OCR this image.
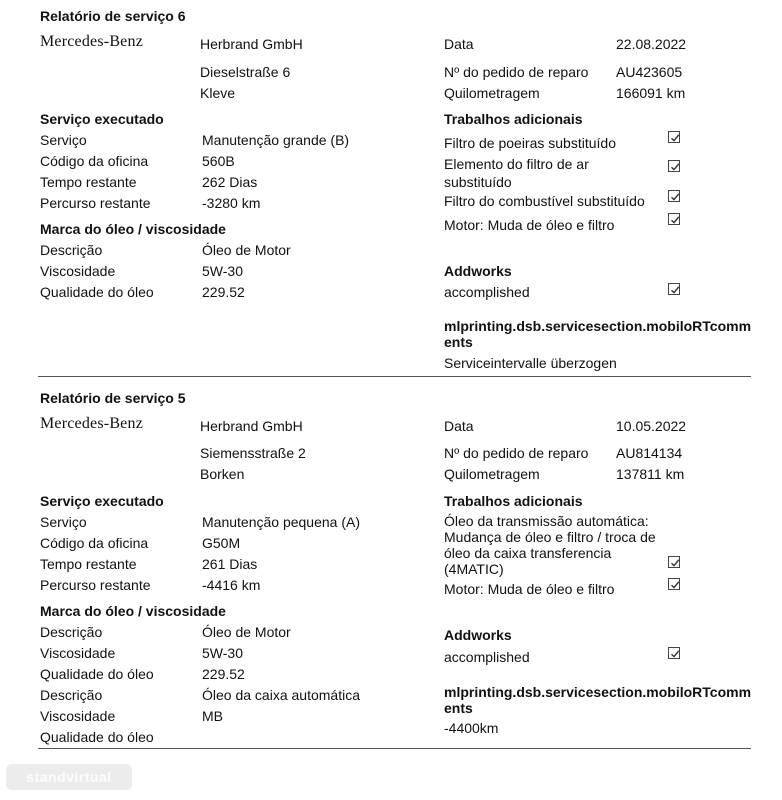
Relatório de serviço 6
Mercedes-Benz	Herbrand GmbH
Dieselstraße 6
Kleve
Data	22.08.2022
Nº do pedido de reparo AU423605
Quilometragem	166091 km
Serviço executado
Serviço	Manutenção grande (B)
Código da oficina	560B
Tempo restante	262 Dias
Percurso restante	-3280 km
Marca do óleo / viscosidade
Descrição	Óleo de Motor
Viscosidade	5W-30
Qualidade do óleo	229.52
Trabalhos adicionais
Filtro de poeiras substituído
Elemento do filtro de ar substituído
Filtro do combustível substituído
Motor: Muda de óleo e filtro
Addworks
accomplished
mlprinting.dsb.servicesection.mobiloRTcomments
Serviceintervalle überzogen
Relatório de serviço 5
Mercedes-Benz	Herbrand GmbH
Siemensstraße 2
Borken
Data	10.05.2022
Nº do pedido de reparo AU814134
Quilometragem	137811 km
Serviço executado
Serviço	Manutenção pequena (A)
Código da oficina	G50M
Tempo restante	261 Dias
Percurso restante	-4416 km
Marca do óleo / viscosidade
Descrição	Óleo de Motor
Viscosidade	5W-30
Qualidade do óleo	229.52
Descrição	Óleo da caixa automática
Viscosidade	MB
Qualidade do óleo
Trabalhos adicionais
Óleo da transmissão automática: Mudança de óleo e filtro / troca de óleo da caixa transferencia (4MATIC)
Motor: Muda de óleo e filtro
Addworks
accomplished
mlprinting.dsb.servicesection.mobiloRTcomments
-4400km
standvirtual
